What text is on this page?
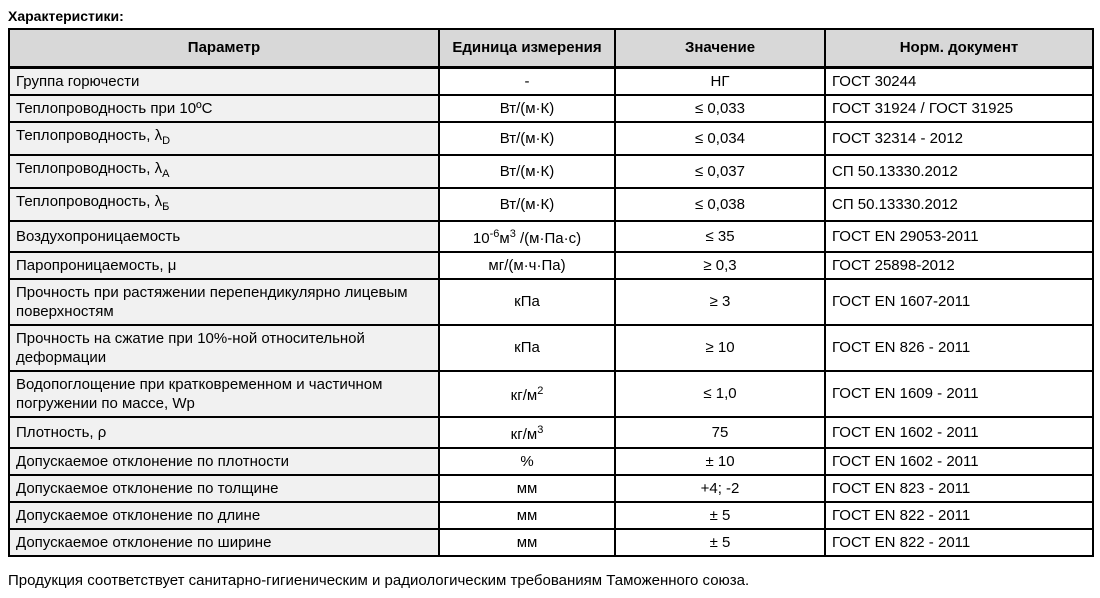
Характеристики:
Параметр	Единица измерения	Значение	Норм. документ
Группа горючести	-	НГ	ГОСТ 30244
Теплопроводность при 10ºС	Вт/(м·К)	≤ 0,033	ГОСТ 31924 / ГОСТ 31925
Теплопроводность, $\lambda_D$	Вт/(м·К)	≤ 0,034	ГОСТ 32314 - 2012
Теплопроводность, $\lambda_А$	Вт/(м·К)	≤ 0,037	СП 50.13330.2012
Теплопроводность, $\lambda_Б$	Вт/(м·К)	≤ 0,038	СП 50.13330.2012
Воздухопроницаемость	$10^{-6}м^3$ /(м·Па·с)	≤ 35	ГОСТ EN 29053-2011
Паропроницаемость, μ	мг/(м·ч·Па)	≥ 0,3	ГОСТ 25898-2012
Прочность при растяжении перепендикулярно лицевым поверхностям	кПа	≥ 3	ГОСТ EN 1607-2011
Прочность на сжатие при 10%-ной относительной деформации	кПа	≥ 10	ГОСТ EN 826 - 2011
Водопоглощение при кратковременном и частичном погружении по массе, Wp	$кг/м^2$	≤ 1,0	ГОСТ EN 1609 - 2011
Плотность, ρ	$кг/м^3$	75	ГОСТ EN 1602 - 2011
Допускаемое отклонение по плотности	%	± 10	ГОСТ EN 1602 - 2011
Допускаемое отклонение по толщине	мм	+4; -2	ГОСТ EN 823 - 2011
Допускаемое отклонение по длине	мм	± 5	ГОСТ EN 822 - 2011
Допускаемое отклонение по ширине	мм	± 5	ГОСТ EN 822 - 2011
Продукция соответствует санитарно-гигиеническим и радиологическим требованиям Таможенного союза.
